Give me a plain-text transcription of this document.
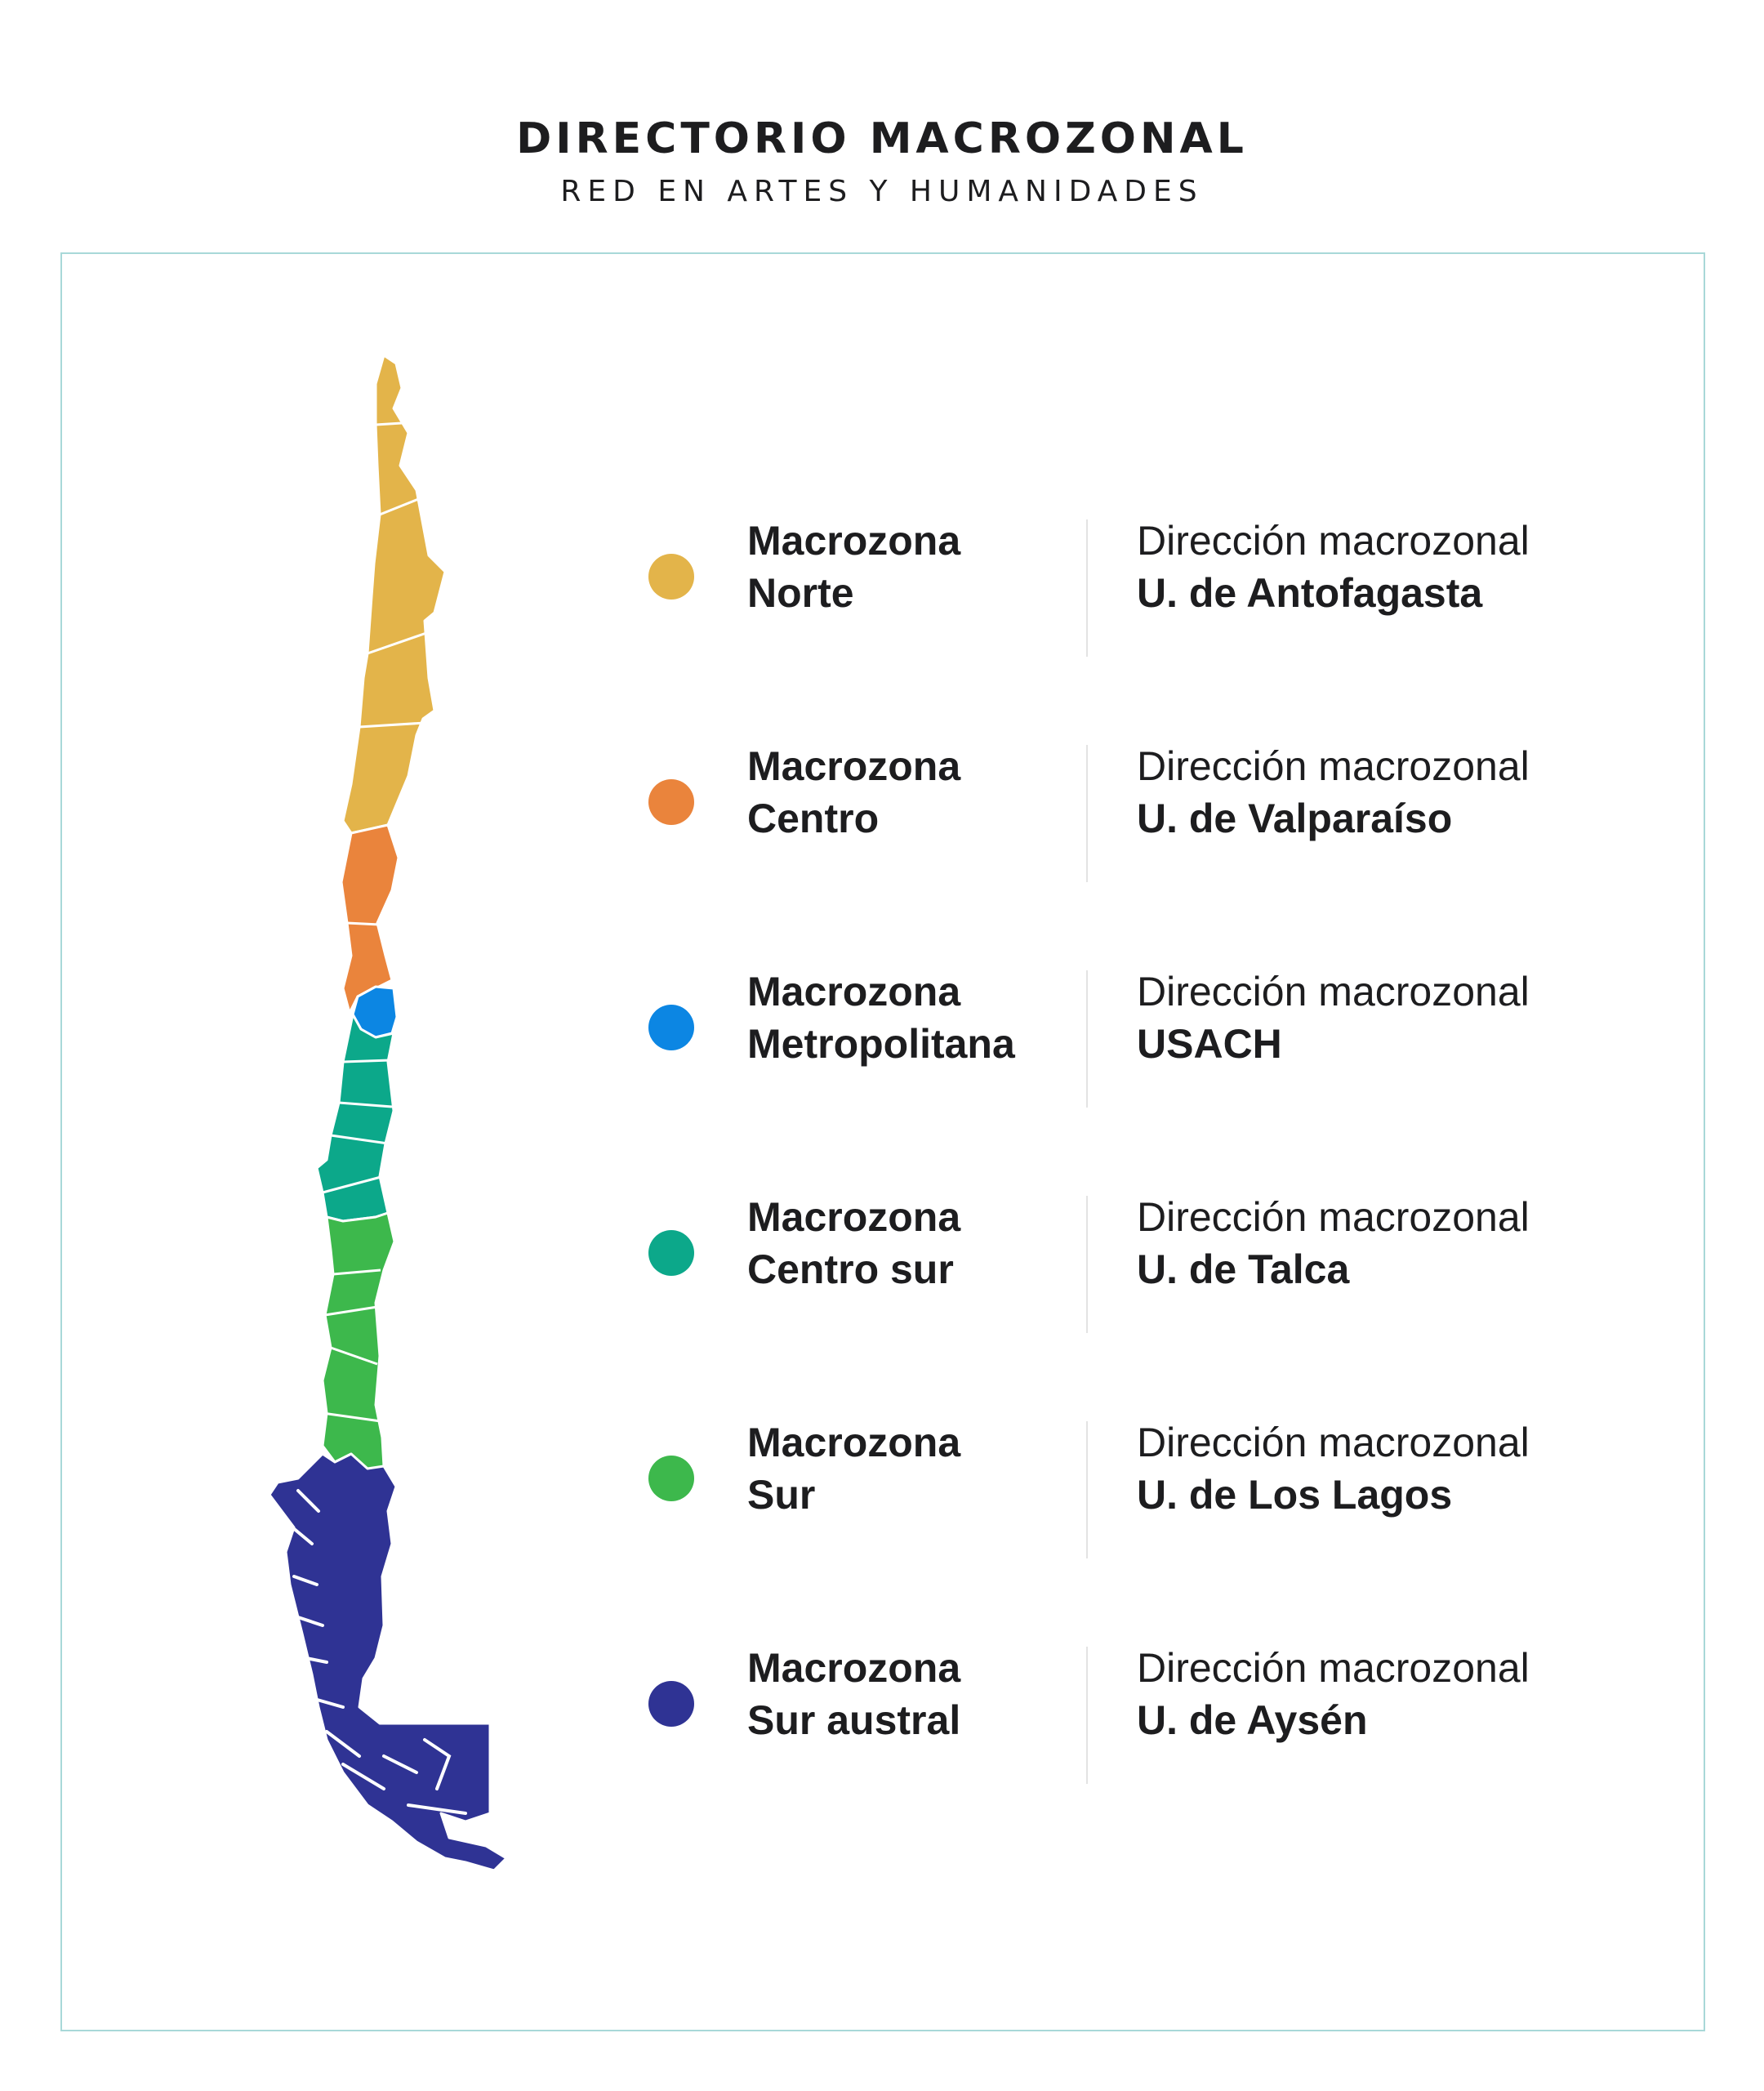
DIRECTORIO MACROZONAL
RED EN ARTES Y HUMANIDADES
Macrozona
Norte
Dirección macrozonal
U. de Antofagasta
Macrozona
Centro
Dirección macrozonal
U. de Valparaíso
Macrozona
Metropolitana
Dirección macrozonal
USACH
Macrozona
Centro sur
Dirección macrozonal
U. de Talca
Macrozona
Sur
Dirección macrozonal
U. de Los Lagos
Macrozona
Sur austral
Dirección macrozonal
U. de Aysén
